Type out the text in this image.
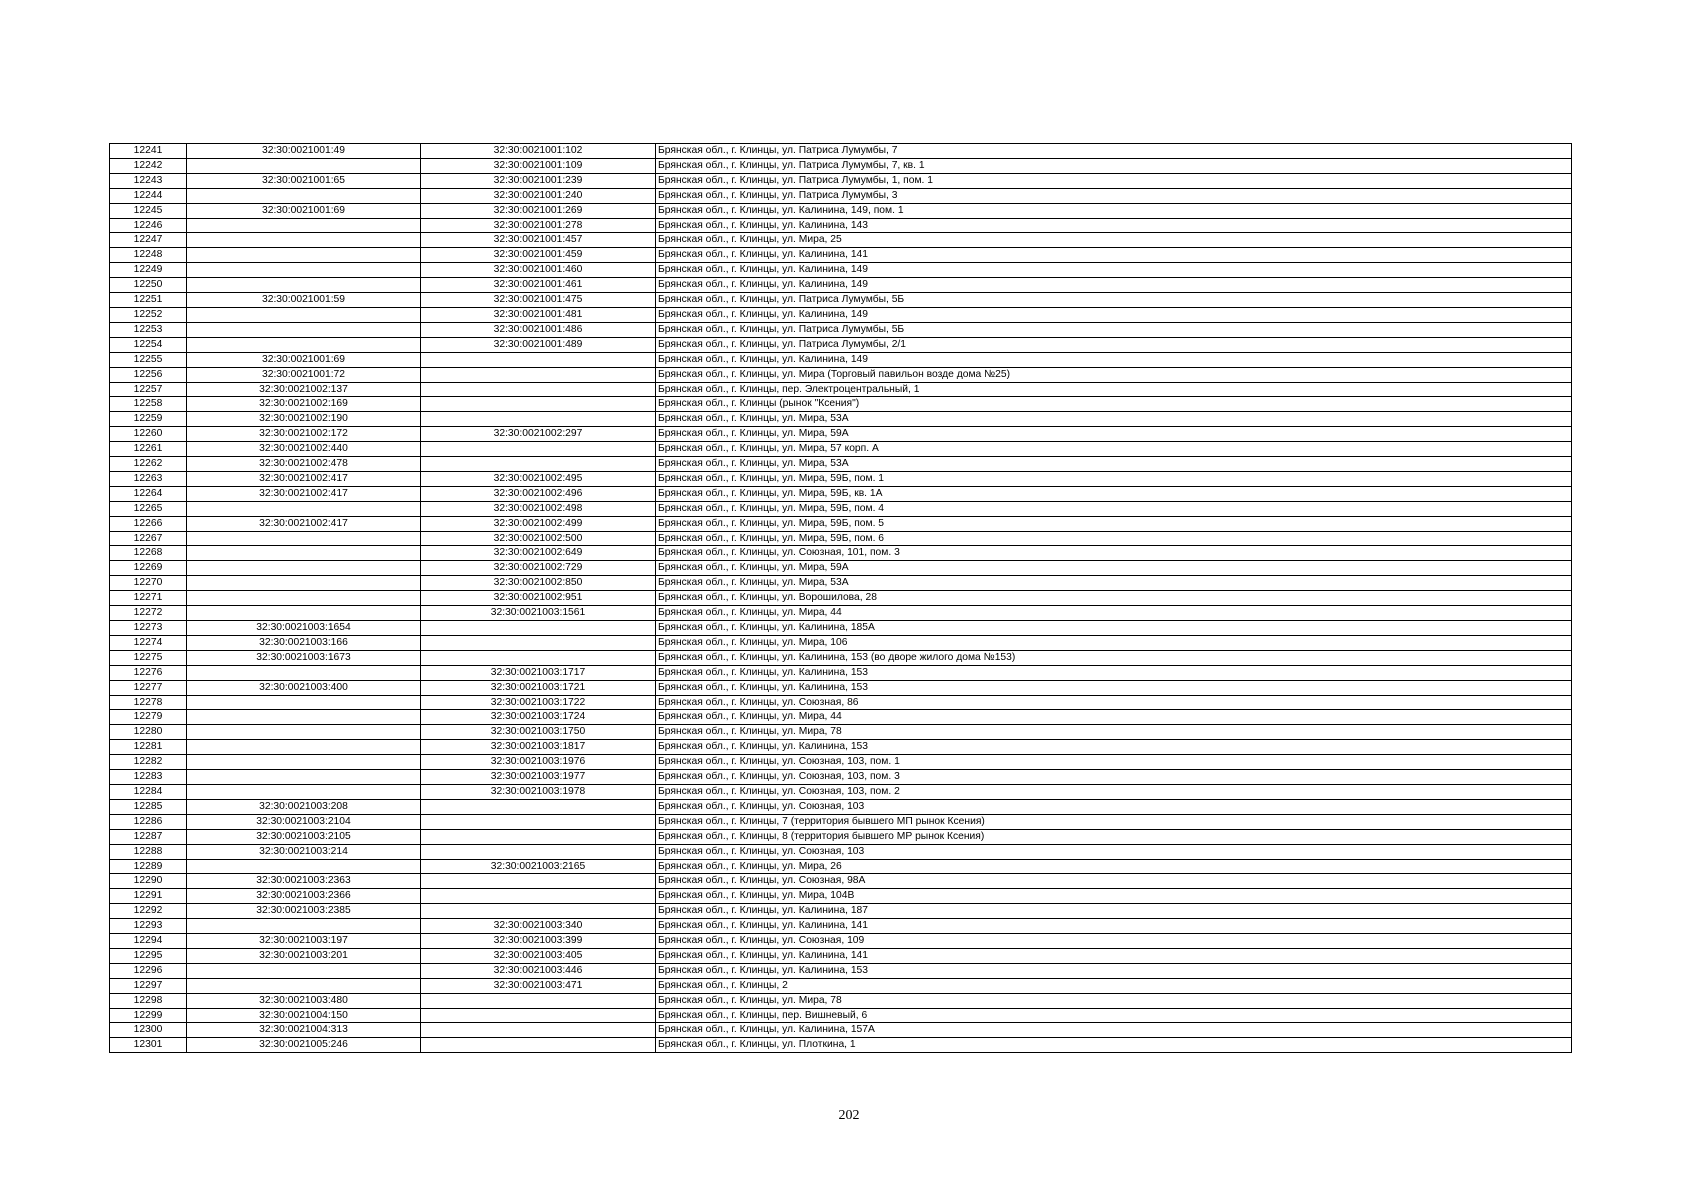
12241	32:30:0021001:49	32:30:0021001:102	Брянская обл., г. Клинцы, ул. Патриса Лумумбы, 7
12242		32:30:0021001:109	Брянская обл., г. Клинцы, ул. Патриса Лумумбы, 7, кв. 1
12243	32:30:0021001:65	32:30:0021001:239	Брянская обл., г. Клинцы, ул. Патриса Лумумбы, 1, пом. 1
12244		32:30:0021001:240	Брянская обл., г. Клинцы, ул. Патриса Лумумбы, 3
12245	32:30:0021001:69	32:30:0021001:269	Брянская обл., г. Клинцы, ул. Калинина, 149, пом. 1
12246		32:30:0021001:278	Брянская обл., г. Клинцы, ул. Калинина, 143
12247		32:30:0021001:457	Брянская обл., г. Клинцы, ул. Мира, 25
12248		32:30:0021001:459	Брянская обл., г. Клинцы, ул. Калинина, 141
12249		32:30:0021001:460	Брянская обл., г. Клинцы, ул. Калинина, 149
12250		32:30:0021001:461	Брянская обл., г. Клинцы, ул. Калинина, 149
12251	32:30:0021001:59	32:30:0021001:475	Брянская обл., г. Клинцы, ул. Патриса Лумумбы, 5Б
12252		32:30:0021001:481	Брянская обл., г. Клинцы, ул. Калинина, 149
12253		32:30:0021001:486	Брянская обл., г. Клинцы, ул. Патриса Лумумбы, 5Б
12254		32:30:0021001:489	Брянская обл., г. Клинцы, ул. Патриса Лумумбы, 2/1
12255	32:30:0021001:69		Брянская обл., г. Клинцы, ул. Калинина, 149
12256	32:30:0021001:72		Брянская обл., г. Клинцы, ул. Мира (Торговый павильон возде дома №25)
12257	32:30:0021002:137		Брянская обл., г. Клинцы, пер. Электроцентральный, 1
12258	32:30:0021002:169		Брянская обл., г. Клинцы (рынок "Ксения")
12259	32:30:0021002:190		Брянская обл., г. Клинцы, ул. Мира, 53А
12260	32:30:0021002:172	32:30:0021002:297	Брянская обл., г. Клинцы, ул. Мира, 59А
12261	32:30:0021002:440		Брянская обл., г. Клинцы, ул. Мира, 57 корп. А
12262	32:30:0021002:478		Брянская обл., г. Клинцы, ул. Мира, 53А
12263	32:30:0021002:417	32:30:0021002:495	Брянская обл., г. Клинцы, ул. Мира, 59Б, пом. 1
12264	32:30:0021002:417	32:30:0021002:496	Брянская обл., г. Клинцы, ул. Мира, 59Б, кв. 1А
12265		32:30:0021002:498	Брянская обл., г. Клинцы, ул. Мира, 59Б, пом. 4
12266	32:30:0021002:417	32:30:0021002:499	Брянская обл., г. Клинцы, ул. Мира, 59Б, пом. 5
12267		32:30:0021002:500	Брянская обл., г. Клинцы, ул. Мира, 59Б, пом. 6
12268		32:30:0021002:649	Брянская обл., г. Клинцы, ул. Союзная, 101, пом. 3
12269		32:30:0021002:729	Брянская обл., г. Клинцы, ул. Мира, 59А
12270		32:30:0021002:850	Брянская обл., г. Клинцы, ул. Мира, 53А
12271		32:30:0021002:951	Брянская обл., г. Клинцы, ул. Ворошилова, 28
12272		32:30:0021003:1561	Брянская обл., г. Клинцы, ул. Мира, 44
12273	32:30:0021003:1654		Брянская обл., г. Клинцы, ул. Калинина, 185А
12274	32:30:0021003:166		Брянская обл., г. Клинцы, ул. Мира, 106
12275	32:30:0021003:1673		Брянская обл., г. Клинцы, ул. Калинина, 153 (во дворе жилого дома №153)
12276		32:30:0021003:1717	Брянская обл., г. Клинцы, ул. Калинина, 153
12277	32:30:0021003:400	32:30:0021003:1721	Брянская обл., г. Клинцы, ул. Калинина, 153
12278		32:30:0021003:1722	Брянская обл., г. Клинцы, ул. Союзная, 86
12279		32:30:0021003:1724	Брянская обл., г. Клинцы, ул. Мира, 44
12280		32:30:0021003:1750	Брянская обл., г. Клинцы, ул. Мира, 78
12281		32:30:0021003:1817	Брянская обл., г. Клинцы, ул. Калинина, 153
12282		32:30:0021003:1976	Брянская обл., г. Клинцы, ул. Союзная, 103, пом. 1
12283		32:30:0021003:1977	Брянская обл., г. Клинцы, ул. Союзная, 103, пом. 3
12284		32:30:0021003:1978	Брянская обл., г. Клинцы, ул. Союзная, 103, пом. 2
12285	32:30:0021003:208		Брянская обл., г. Клинцы, ул. Союзная, 103
12286	32:30:0021003:2104		Брянская обл., г. Клинцы, 7 (территория бывшего МП рынок Ксения)
12287	32:30:0021003:2105		Брянская обл., г. Клинцы, 8 (территория бывшего МР рынок Ксения)
12288	32:30:0021003:214		Брянская обл., г. Клинцы, ул. Союзная, 103
12289		32:30:0021003:2165	Брянская обл., г. Клинцы, ул. Мира, 26
12290	32:30:0021003:2363		Брянская обл., г. Клинцы, ул. Союзная, 98А
12291	32:30:0021003:2366		Брянская обл., г. Клинцы, ул. Мира, 104В
12292	32:30:0021003:2385		Брянская обл., г. Клинцы, ул. Калинина, 187
12293		32:30:0021003:340	Брянская обл., г. Клинцы, ул. Калинина, 141
12294	32:30:0021003:197	32:30:0021003:399	Брянская обл., г. Клинцы, ул. Союзная, 109
12295	32:30:0021003:201	32:30:0021003:405	Брянская обл., г. Клинцы, ул. Калинина, 141
12296		32:30:0021003:446	Брянская обл., г. Клинцы, ул. Калинина, 153
12297		32:30:0021003:471	Брянская обл., г. Клинцы, 2
12298	32:30:0021003:480		Брянская обл., г. Клинцы, ул. Мира, 78
12299	32:30:0021004:150		Брянская обл., г. Клинцы, пер. Вишневый, 6
12300	32:30:0021004:313		Брянская обл., г. Клинцы, ул. Калинина, 157А
12301	32:30:0021005:246		Брянская обл., г. Клинцы, ул. Плоткина, 1
202
